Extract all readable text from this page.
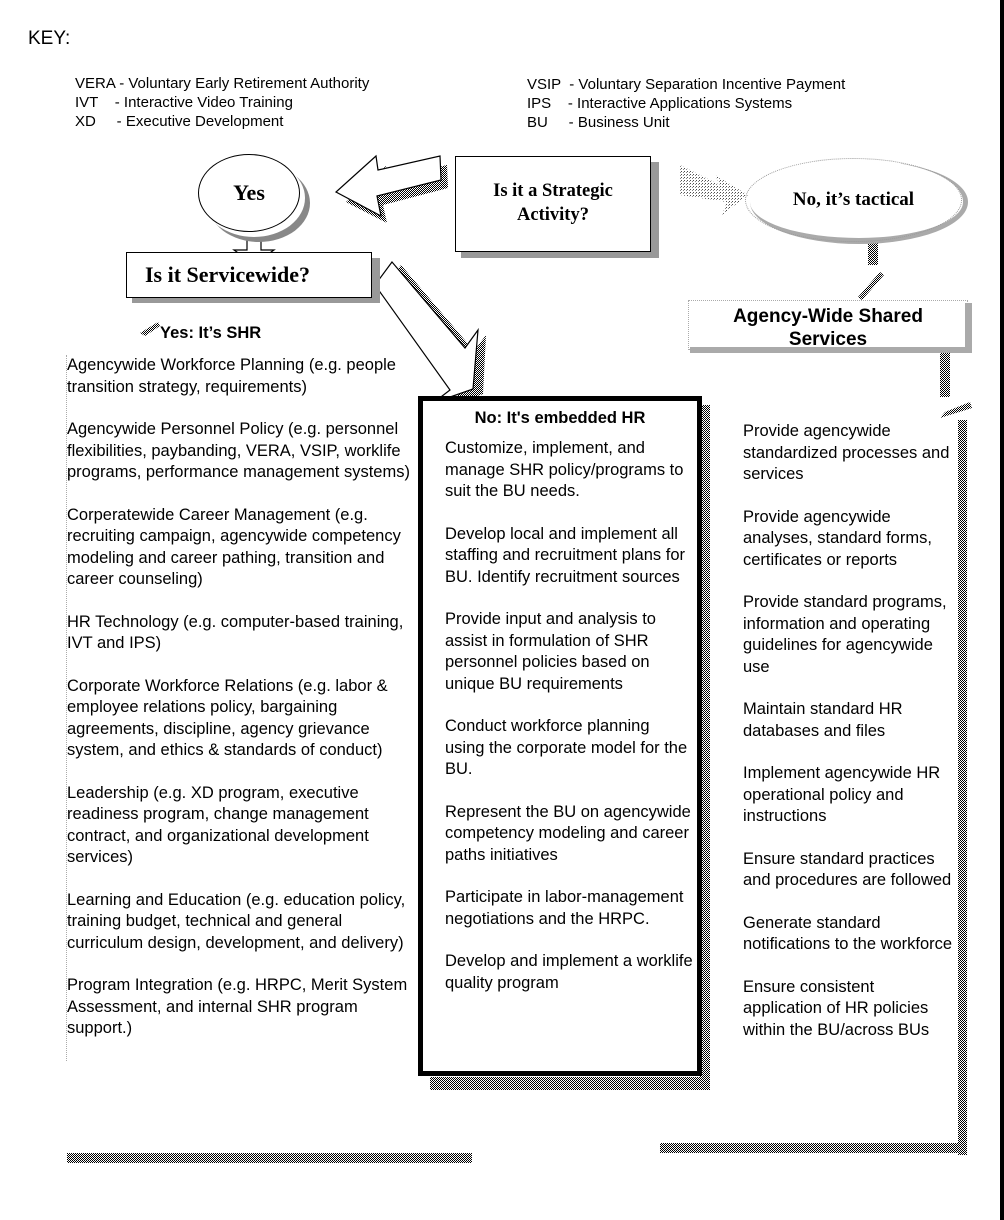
KEY:
VERA - Voluntary Early Retirement Authority
IVT    - Interactive Video Training
XD     - Executive Development
VSIP  - Voluntary Separation Incentive Payment
IPS    - Interactive Applications Systems
BU     - Business Unit
Yes	Is it a Strategic Activity?
No, it’s tactical
Is it Servicewide?
Agency-Wide Shared Services
Yes: It’s SHR

Agencywide Workforce Planning (e.g. people transition strategy, requirements)

Agencywide Personnel Policy (e.g. personnel flexibilities, paybanding, VERA, VSIP, worklife programs, performance management systems)

Corperatewide Career Management (e.g. recruiting campaign, agencywide competency modeling and career pathing, transition and career counseling)

HR Technology (e.g. computer-based training, IVT and IPS)

Corporate Workforce Relations (e.g. labor & employee relations policy, bargaining agreements, discipline, agency grievance system, and ethics & standards of conduct)

Leadership (e.g. XD program, executive readiness program, change management contract, and organizational development services)

Learning and Education (e.g. education policy, training budget, technical and general curriculum design, development, and delivery)

Program Integration (e.g. HRPC, Merit System Assessment, and internal SHR program support.)

No: It's embedded HR

Customize, implement, and manage SHR policy/programs to suit the BU needs.

Develop local and implement all staffing and recruitment plans for BU. Identify recruitment sources

Provide input and analysis to assist in formulation of SHR personnel policies based on unique BU requirements

Conduct workforce planning using the corporate model for the BU.

Represent the BU on agencywide competency modeling and career paths initiatives

Participate in labor-management negotiations and the HRPC.

Develop and implement a worklife quality program

Provide agencywide standardized processes and services

Provide agencywide analyses, standard forms, certificates or reports

Provide standard programs, information and operating guidelines for agencywide use

Maintain standard HR databases and files

Implement agencywide HR operational policy and instructions

Ensure standard practices and procedures are followed

Generate standard notifications to the workforce

Ensure consistent application of HR policies within the BU/across BUs
